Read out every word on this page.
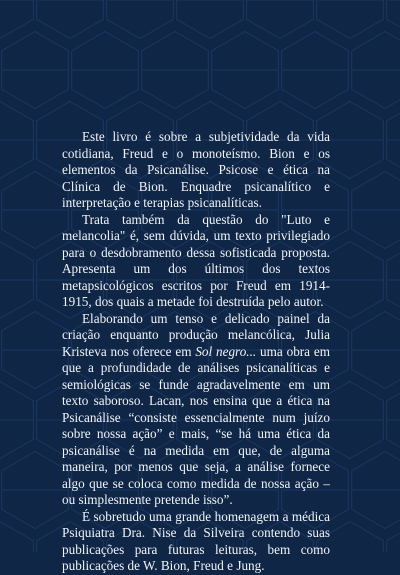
Este livro é sobre a subjetividade da vida cotidiana, Freud e o monoteísmo. Bion e os elementos da Psicanálise. Psicose e ética na Clínica de Bion. Enquadre psicanalítico e interpretação e terapias psicanalíticas.

Trata também da questão do "Luto e melancolia" é, sem dúvida, um texto privilegiado para o desdobramento dessa sofisticada proposta. Apresenta um dos últimos dos textos metapsicológicos escritos por Freud em 1914-1915, dos quais a metade foi destruída pelo autor.

Elaborando um tenso e delicado painel da criação enquanto produção melancólica, Julia Kristeva nos oferece em Sol negro... uma obra em que a profundidade de análises psicanalíticas e semiológicas se funde agradavelmente em um texto saboroso. Lacan, nos ensina que a ética na Psicanálise “consiste essencialmente num juízo sobre nossa ação” e mais, “se há uma ética da psicanálise é na medida em que, de alguma maneira, por menos que seja, a análise fornece algo que se coloca como medida de nossa ação – ou simplesmente pretende isso”.

É sobretudo uma grande homenagem a médica Psiquiatra Dra. Nise da Silveira contendo suas publicações para futuras leituras, bem como publicações de W. Bion, Freud e Jung.
